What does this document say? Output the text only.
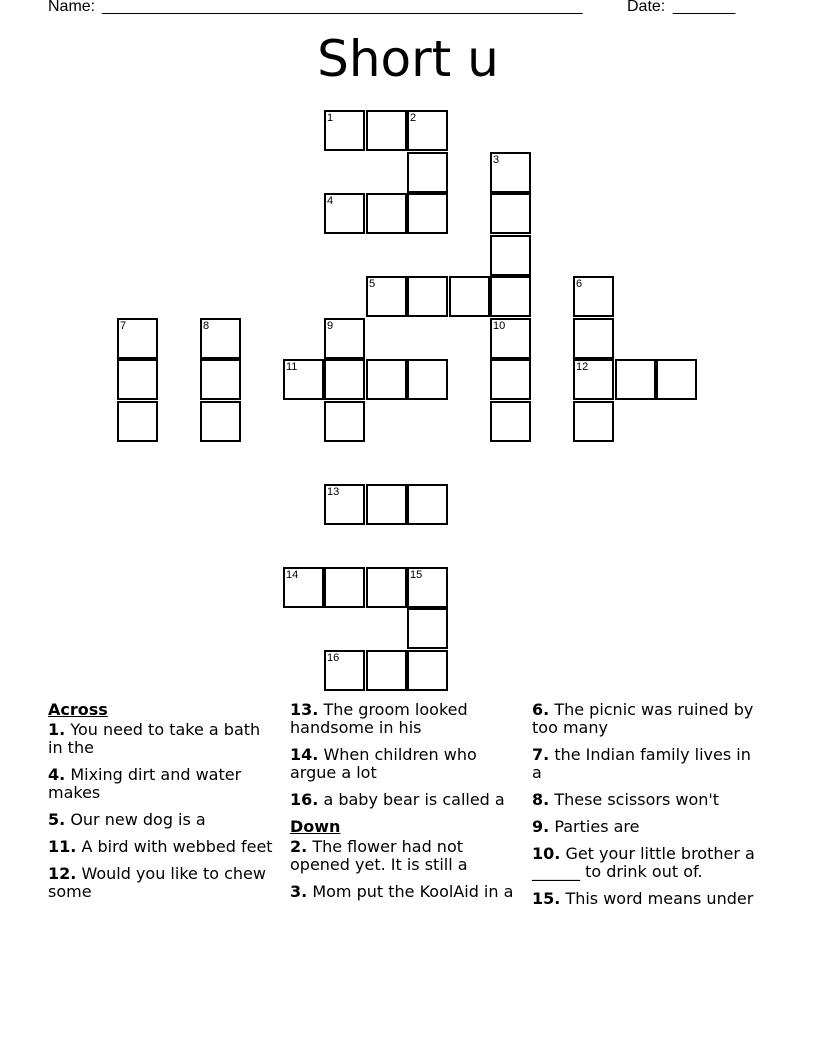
Name: ______________________________________________________	Date: _______
Short u
1	2
3
4
5	6
7	8	9	10
11	12
13
14	15
16
Across
1. You need to take a bath in the
4. Mixing dirt and water makes
5. Our new dog is a
11. A bird with webbed feet
12. Would you like to chew some
13. The groom looked handsome in his
14. When children who argue a lot
16. a baby bear is called a
Down
2. The flower had not opened yet. It is still a
3. Mom put the KoolAid in a
6. The picnic was ruined by too many
7. the Indian family lives in a
8. These scissors won't
9. Parties are
10. Get your little brother a ______ to drink out of.
15. This word means under
